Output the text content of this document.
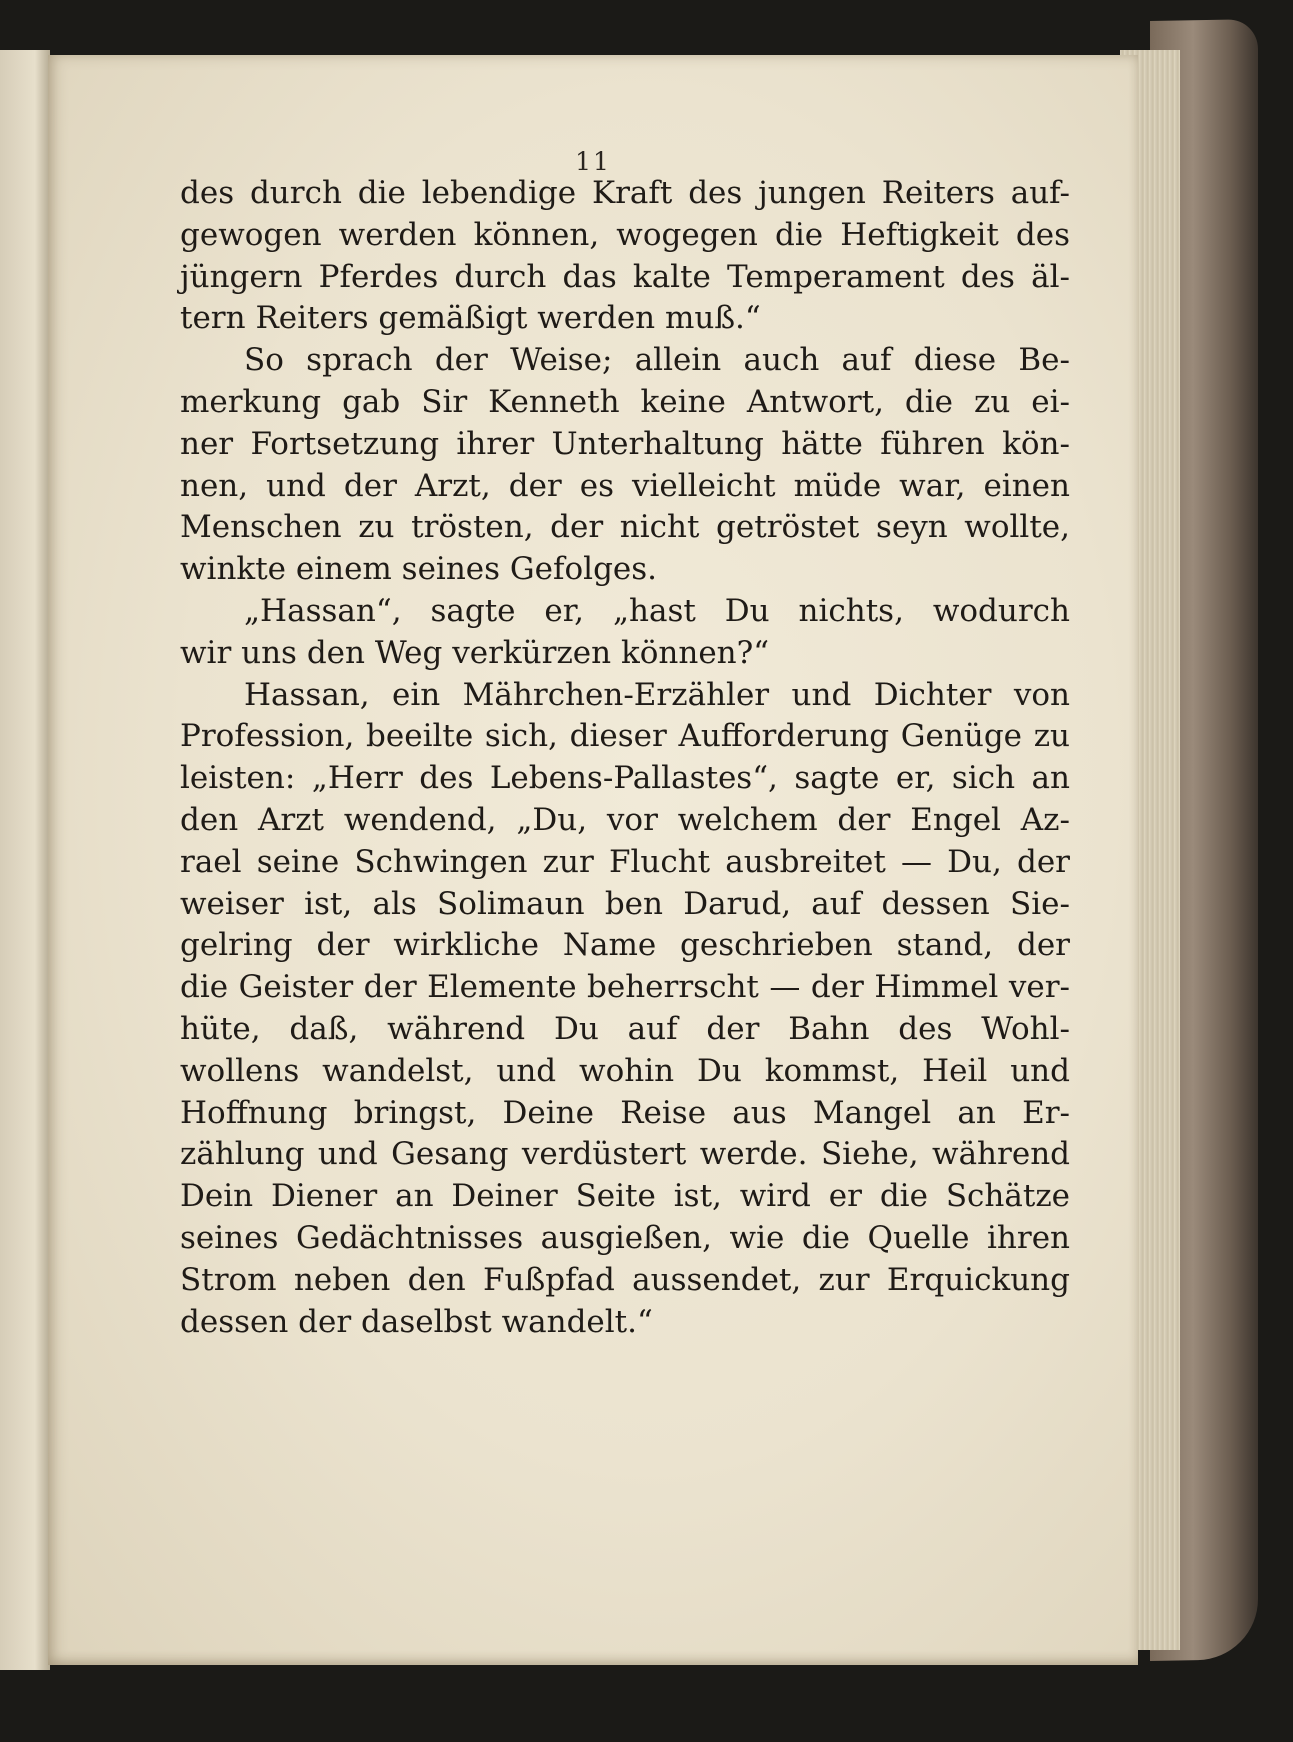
11
des durch die lebendige Kraft des jungen Reiters auf-
gewogen werden können, wogegen die Heftigkeit des
jüngern Pferdes durch das kalte Temperament des äl-
tern Reiters gemäßigt werden muß.“
So sprach der Weise; allein auch auf diese Be-
merkung gab Sir Kenneth keine Antwort, die zu ei-
ner Fortsetzung ihrer Unterhaltung hätte führen kön-
nen, und der Arzt, der es vielleicht müde war, einen
Menschen zu trösten, der nicht getröstet seyn wollte,
winkte einem seines Gefolges.
„Hassan“, sagte er, „hast Du nichts, wodurch
wir uns den Weg verkürzen können?“
Hassan, ein Mährchen-Erzähler und Dichter von
Profession, beeilte sich, dieser Aufforderung Genüge zu
leisten: „Herr des Lebens-Pallastes“, sagte er, sich an
den Arzt wendend, „Du, vor welchem der Engel Az-
rael seine Schwingen zur Flucht ausbreitet — Du, der
weiser ist, als Solimaun ben Darud, auf dessen Sie-
gelring der wirkliche Name geschrieben stand, der
die Geister der Elemente beherrscht — der Himmel ver-
hüte, daß, während Du auf der Bahn des Wohl-
wollens wandelst, und wohin Du kommst, Heil und
Hoffnung bringst, Deine Reise aus Mangel an Er-
zählung und Gesang verdüstert werde. Siehe, während
Dein Diener an Deiner Seite ist, wird er die Schätze
seines Gedächtnisses ausgießen, wie die Quelle ihren
Strom neben den Fußpfad aussendet, zur Erquickung
dessen der daselbst wandelt.“
